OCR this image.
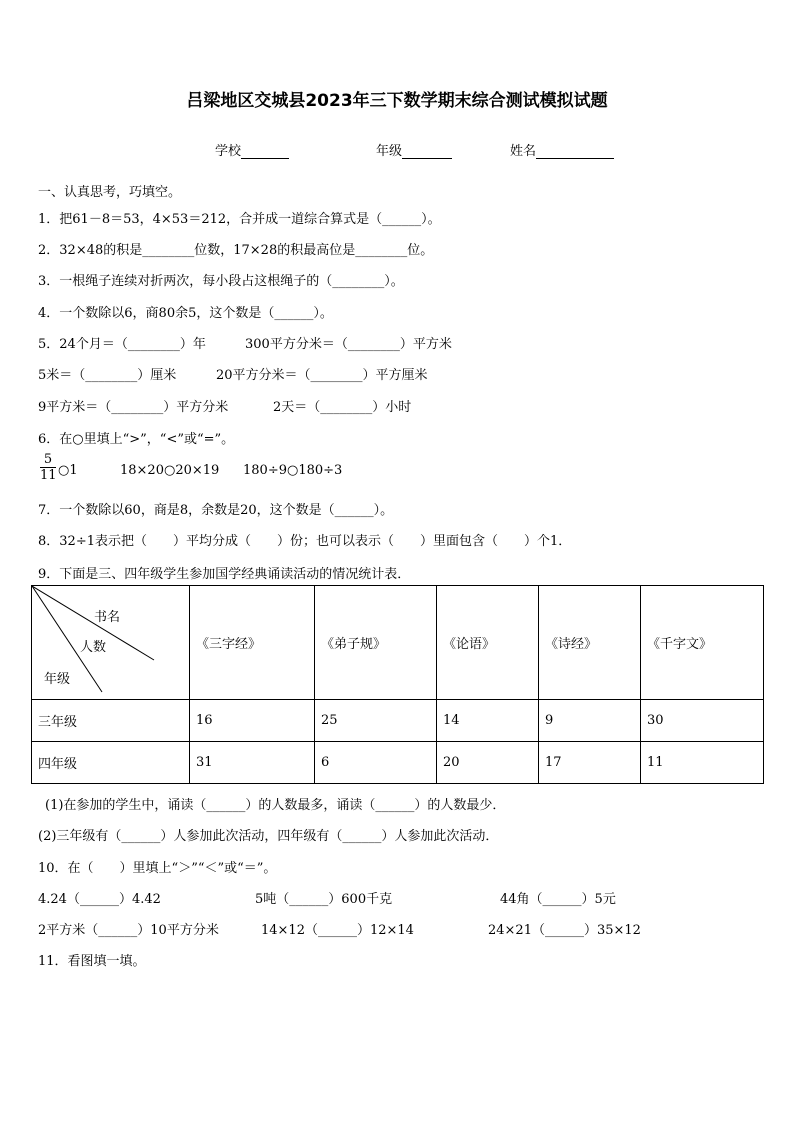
吕梁地区交城县2023年三下数学期末综合测试模拟试题
学校	年级	姓名
一、认真思考，巧填空。
1．把61－8＝53，4×53＝212，合并成一道综合算式是（______）。
2．32×48的积是________位数，17×28的积最高位是________位。
3．一根绳子连续对折两次，每小段占这根绳子的（________）。
4．一个数除以6，商80余5，这个数是（______）。
5．24个月＝（________）年	300平方分米＝（________）平方米
5米＝（________）厘米	20平方分米＝（________）平方厘米
9平方米＝（________）平方分米	2天＝（________）小时
6．在○里填上“>”，“<”或“=”。
$\frac{5}{11}$ ○1	18×20○20×19 180÷9○180÷3
7．一个数除以60，商是8，余数是20，这个数是（______）。
8．32÷1表示把（　　）平均分成（　　）份；也可以表示（　　）里面包含（　　）个1．
9．下面是三、四年级学生参加国学经典诵读活动的情况统计表．
书名
人数
年级	《三字经》	《弟子规》	《论语》	《诗经》	《千字文》
三年级	16	25	14	9	30
四年级	31	6	20	17	11
(1)在参加的学生中，诵读（______）的人数最多，诵读（______）的人数最少．
(2)三年级有（______）人参加此次活动，四年级有（______）人参加此次活动．
10．在（　　）里填上“＞”“＜”或“＝”。
4.24（______）4.42	5吨（______）600千克	44角（______）5元
2平方米（______）10平方分米	14×12（______）12×14	24×21（______）35×12
11．看图填一填。
